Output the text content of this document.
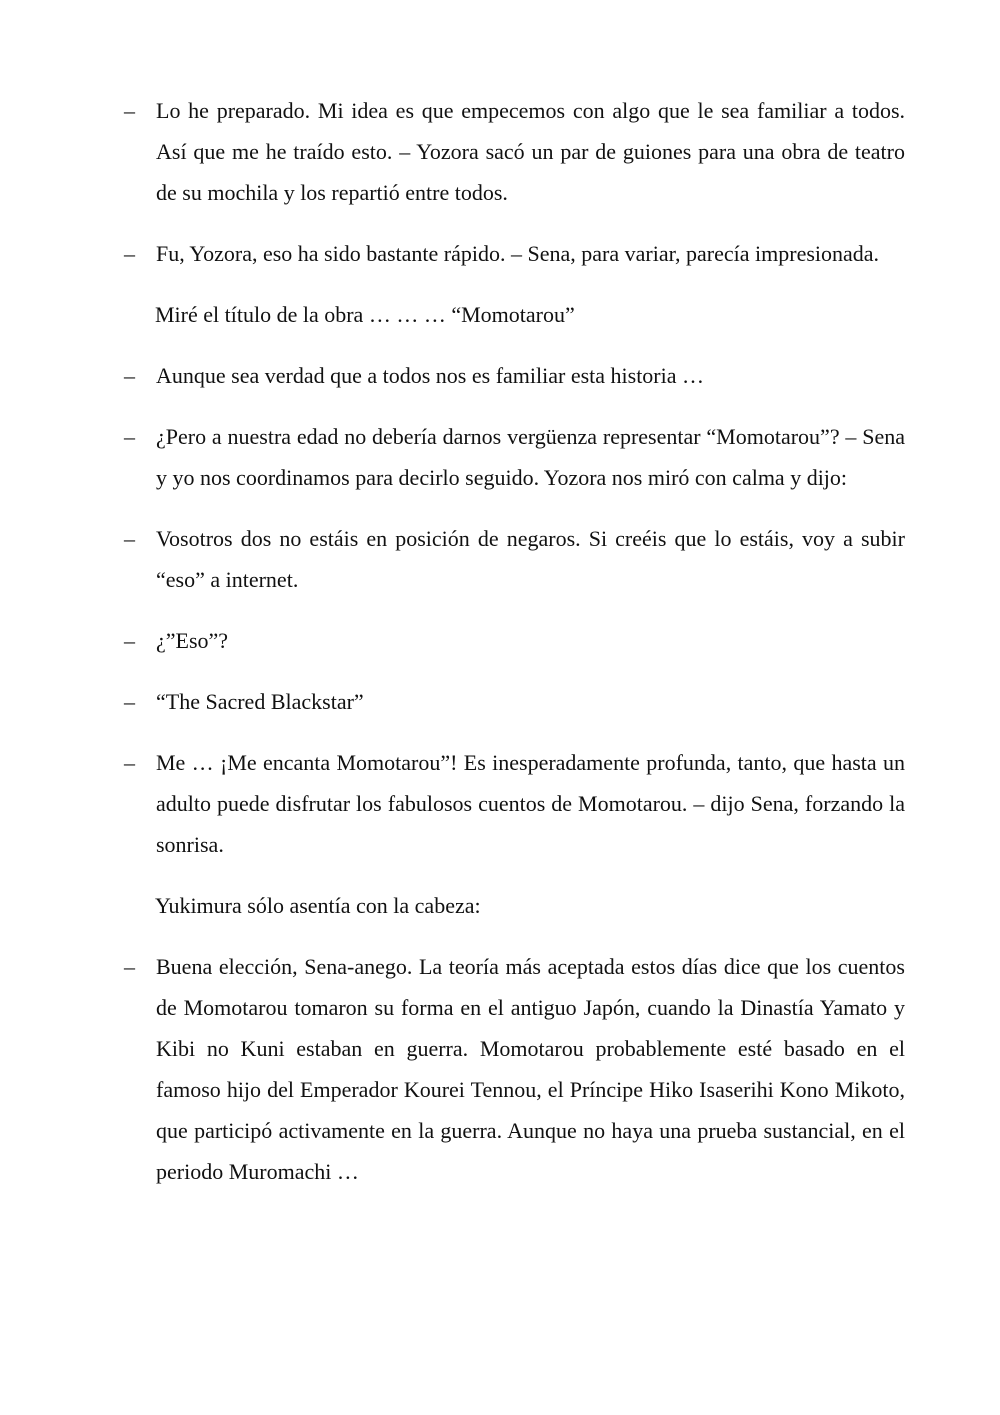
– Lo he preparado. Mi idea es que empecemos con algo que le sea familiar a todos. Así que me he traído esto. – Yozora sacó un par de guiones para una obra de teatro de su mochila y los repartió entre todos.

– Fu, Yozora, eso ha sido bastante rápido. – Sena, para variar, parecía impresionada.

Miré el título de la obra … … … “Momotarou”

– Aunque sea verdad que a todos nos es familiar esta historia …

– ¿Pero a nuestra edad no debería darnos vergüenza representar “Momotarou”? – Sena y yo nos coordinamos para decirlo seguido. Yozora nos miró con calma y dijo:

– Vosotros dos no estáis en posición de negaros. Si creéis que lo estáis, voy a subir “eso” a internet.

– ¿”Eso”?

– “The Sacred Blackstar”

– Me … ¡Me encanta Momotarou”! Es inesperadamente profunda, tanto, que hasta un adulto puede disfrutar los fabulosos cuentos de Momotarou. – dijo Sena, forzando la sonrisa.

Yukimura sólo asentía con la cabeza:

– Buena elección, Sena-anego. La teoría más aceptada estos días dice que los cuentos de Momotarou tomaron su forma en el antiguo Japón, cuando la Dinastía Yamato y Kibi no Kuni estaban en guerra. Momotarou probablemente esté basado en el famoso hijo del Emperador Kourei Tennou, el Príncipe Hiko Isaserihi Kono Mikoto, que participó activamente en la guerra. Aunque no haya una prueba sustancial, en el periodo Muromachi …
